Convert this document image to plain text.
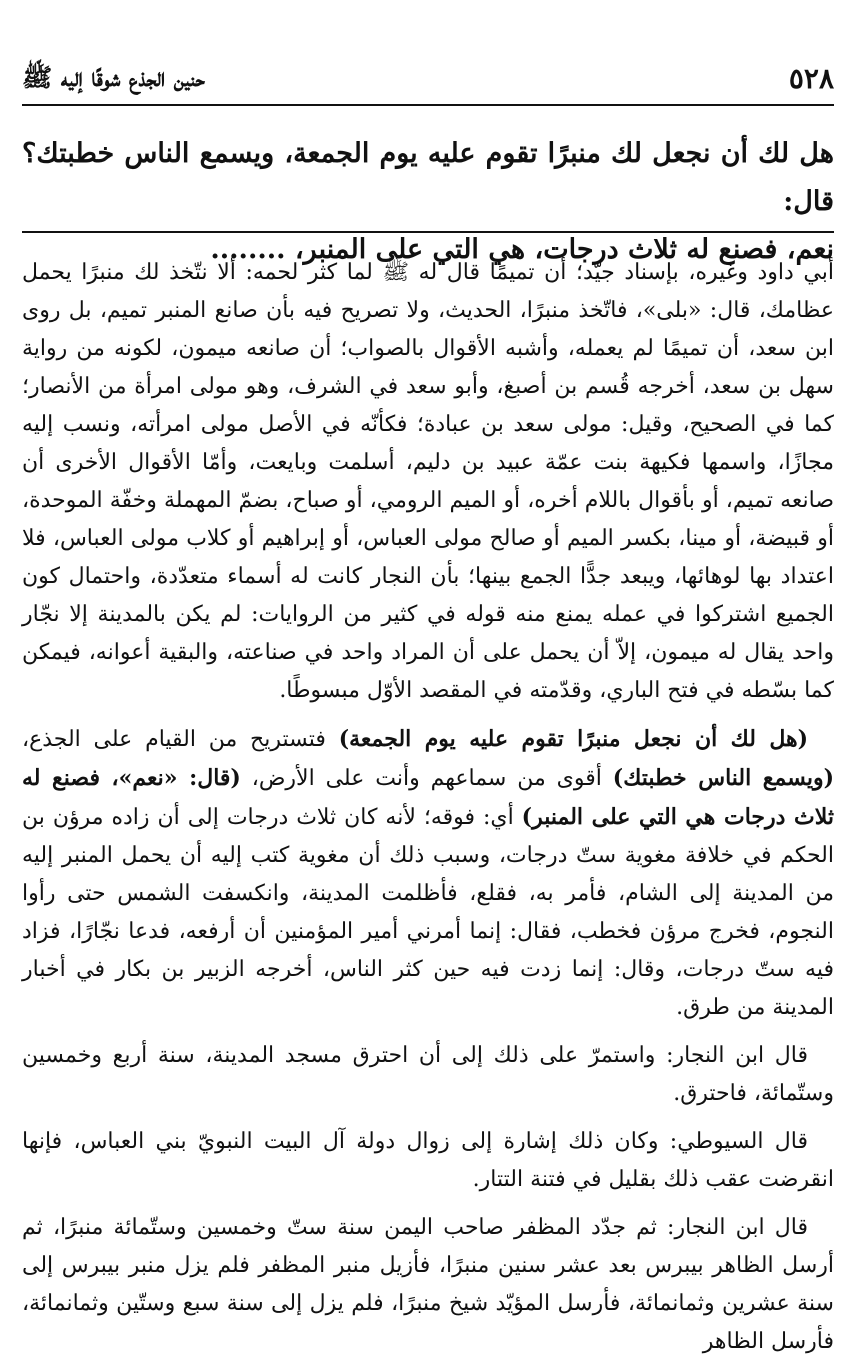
٥٢٨
حنين الجذع شوقًا إليه ﷺ

هل لك أن نجعل لك منبرًا تقوم عليه يوم الجمعة، ويسمع الناس خطبتك؟ قال:

نعم، فصنع له ثلاث درجات، هي التي على المنبر، ........

أبي داود وغيره، بإسناد جيّد؛ أن تميمًا قال له ﷺ لما كثر لحمه: ألا نتّخذ لك منبرًا يحمل عظامك، قال: «بلى»، فاتّخذ منبرًا، الحديث، ولا تصريح فيه بأن صانع المنبر تميم، بل روى ابن سعد، أن تميمًا لم يعمله، وأشبه الأقوال بالصواب؛ أن صانعه ميمون، لكونه من رواية سهل بن سعد، أخرجه قُسم بن أصبغ، وأبو سعد في الشرف، وهو مولى امرأة من الأنصار؛ كما في الصحيح، وقيل: مولى سعد بن عبادة؛ فكأنّه في الأصل مولى امرأته، ونسب إليه مجازًا، واسمها فكيهة بنت عمّة عبيد بن دليم، أسلمت وبايعت، وأمّا الأقوال الأخرى أن صانعه تميم، أو بأقوال باللام أخره، أو الميم الرومي، أو صباح، بضمّ المهملة وخفّة الموحدة، أو قبيضة، أو مينا، بكسر الميم أو صالح مولى العباس، أو إبراهيم أو كلاب مولى العباس، فلا اعتداد بها لوهائها، ويبعد جدًّا الجمع بينها؛ بأن النجار كانت له أسماء متعدّدة، واحتمال كون الجميع اشتركوا في عمله يمنع منه قوله في كثير من الروايات: لم يكن بالمدينة إلا نجّار واحد يقال له ميمون، إلاّ أن يحمل على أن المراد واحد في صناعته، والبقية أعوانه، فيمكن كما بسّطه في فتح الباري، وقدّمته في المقصد الأوّل مبسوطًا.

(هل لك أن نجعل منبرًا تقوم عليه يوم الجمعة) فتستريح من القيام على الجذع، (ويسمع الناس خطبتك) أقوى من سماعهم وأنت على الأرض، (قال: «نعم»، فصنع له ثلاث درجات هي التي على المنبر) أي: فوقه؛ لأنه كان ثلاث درجات إلى أن زاده مرؤن بن الحكم في خلافة مغوية ستّ درجات، وسبب ذلك أن مغوية كتب إليه أن يحمل المنبر إليه من المدينة إلى الشام، فأمر به، فقلع، فأظلمت المدينة، وانكسفت الشمس حتى رأوا النجوم، فخرج مرؤن فخطب، فقال: إنما أمرني أمير المؤمنين أن أرفعه، فدعا نجّارًا، فزاد فيه ستّ درجات، وقال: إنما زدت فيه حين كثر الناس، أخرجه الزبير بن بكار في أخبار المدينة من طرق.

قال ابن النجار: واستمرّ على ذلك إلى أن احترق مسجد المدينة، سنة أربع وخمسين وستّمائة، فاحترق.

قال السيوطي: وكان ذلك إشارة إلى زوال دولة آل البيت النبويّ بني العباس، فإنها انقرضت عقب ذلك بقليل في فتنة التتار.

قال ابن النجار: ثم جدّد المظفر صاحب اليمن سنة ستّ وخمسين وستّمائة منبرًا، ثم أرسل الظاهر بيبرس بعد عشر سنين منبرًا، فأزيل منبر المظفر فلم يزل منبر بيبرس إلى سنة عشرين وثمانمائة، فأرسل المؤيّد شيخ منبرًا، فلم يزل إلى سنة سبع وستّين وثمانمائة، فأرسل الظاهر
